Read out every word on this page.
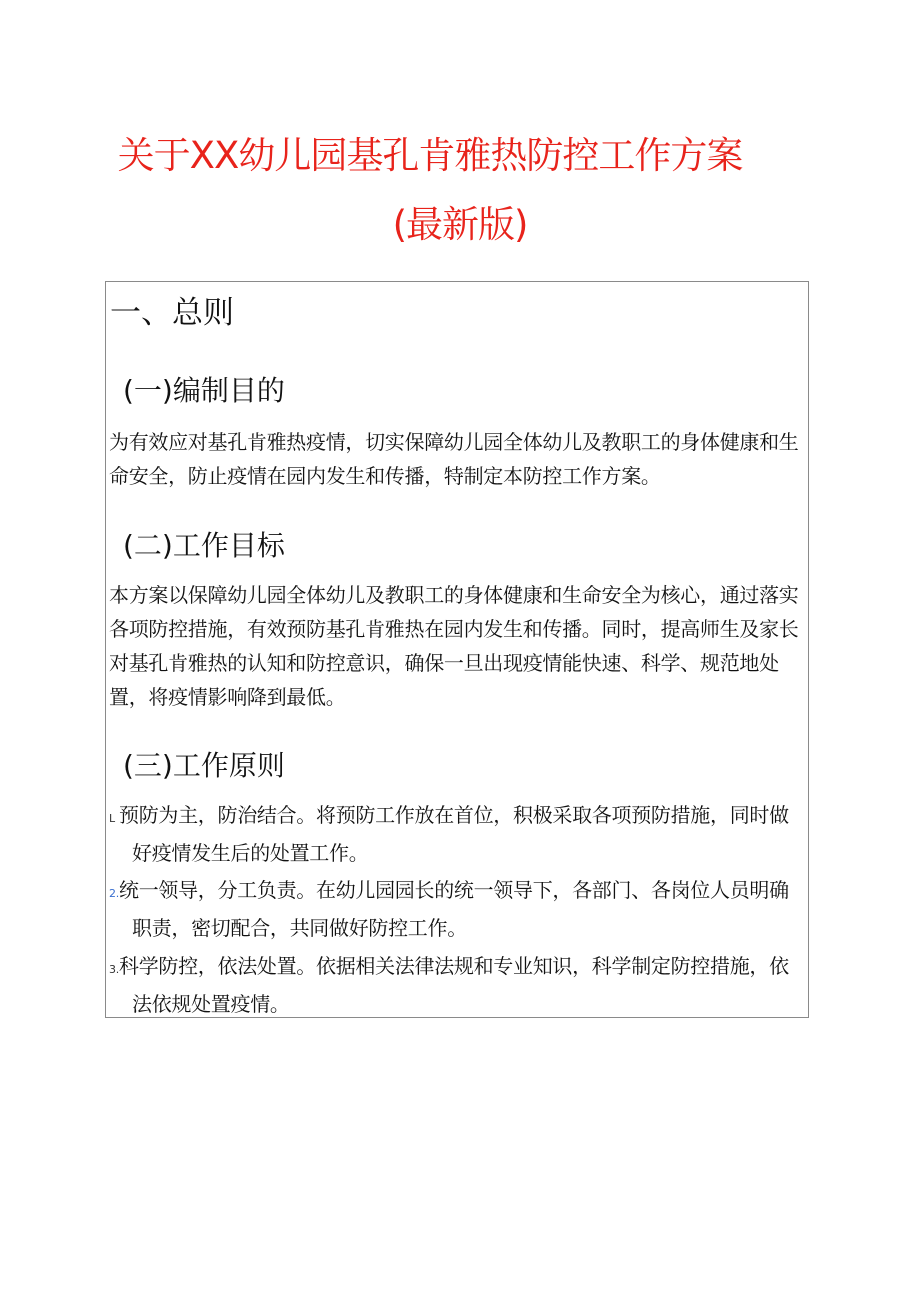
关于XX幼儿园基孔肯雅热防控工作方案
(最新版)
一、总则
(一)编制目的

为有效应对基孔肯雅热疫情，切实保障幼儿园全体幼儿及教职工的身体健康和生命安全，防止疫情在园内发生和传播，特制定本防控工作方案。

(二)工作目标

本方案以保障幼儿园全体幼儿及教职工的身体健康和生命安全为核心，通过落实各项防控措施，有效预防基孔肯雅热在园内发生和传播。同时，提高师生及家长对基孔肯雅热的认知和防控意识，确保一旦出现疫情能快速、科学、规范地处置，将疫情影响降到最低。

(三)工作原则

L 预防为主，防治结合。将预防工作放在首位，积极采取各项预防措施，同时做
好疫情发生后的处置工作。

2.统一领导，分工负责。在幼儿园园长的统一领导下，各部门、各岗位人员明确
职责，密切配合，共同做好防控工作。

3.科学防控，依法处置。依据相关法律法规和专业知识，科学制定防控措施，依
法依规处置疫情。
